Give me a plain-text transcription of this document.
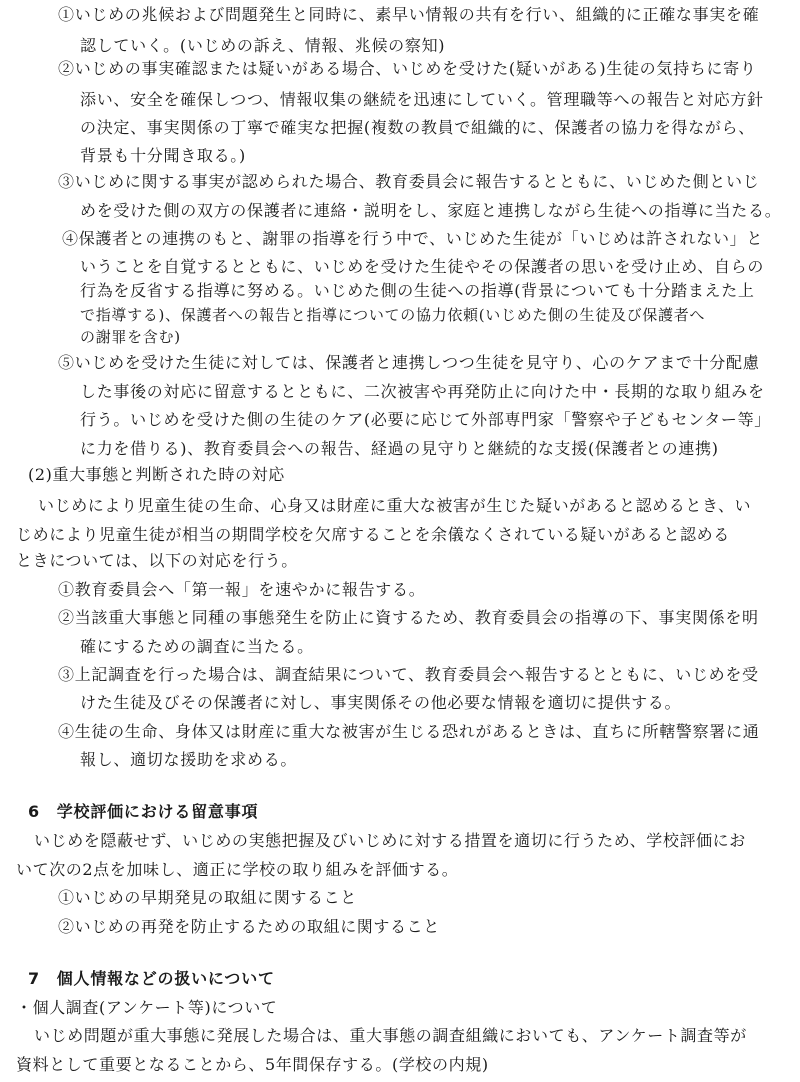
①いじめの兆候および問題発生と同時に、素早い情報の共有を行い、組織的に正確な事実を確
認していく。(いじめの訴え、情報、兆候の察知)
②いじめの事実確認または疑いがある場合、いじめを受けた(疑いがある)生徒の気持ちに寄り
添い、安全を確保しつつ、情報収集の継続を迅速にしていく。管理職等への報告と対応方針
の決定、事実関係の丁寧で確実な把握(複数の教員で組織的に、保護者の協力を得ながら、
背景も十分聞き取る。)
③いじめに関する事実が認められた場合、教育委員会に報告するとともに、いじめた側といじ
めを受けた側の双方の保護者に連絡・説明をし、家庭と連携しながら生徒への指導に当たる。
④保護者との連携のもと、謝罪の指導を行う中で、いじめた生徒が「いじめは許されない」と
いうことを自覚するとともに、いじめを受けた生徒やその保護者の思いを受け止め、自らの
行為を反省する指導に努める。いじめた側の生徒への指導(背景についても十分踏まえた上
で指導する)、保護者への報告と指導についての協力依頼(いじめた側の生徒及び保護者へ
の謝罪を含む)
⑤いじめを受けた生徒に対しては、保護者と連携しつつ生徒を見守り、心のケアまで十分配慮
した事後の対応に留意するとともに、二次被害や再発防止に向けた中・長期的な取り組みを
行う。いじめを受けた側の生徒のケア(必要に応じて外部専門家「警察や子どもセンター等」
に力を借りる)、教育委員会への報告、経過の見守りと継続的な支援(保護者との連携)
(2)重大事態と判断された時の対応
いじめにより児童生徒の生命、心身又は財産に重大な被害が生じた疑いがあると認めるとき、い
じめにより児童生徒が相当の期間学校を欠席することを余儀なくされている疑いがあると認める
ときについては、以下の対応を行う。
①教育委員会へ「第一報」を速やかに報告する。
②当該重大事態と同種の事態発生を防止に資するため、教育委員会の指導の下、事実関係を明
確にするための調査に当たる。
③上記調査を行った場合は、調査結果について、教育委員会へ報告するとともに、いじめを受
けた生徒及びその保護者に対し、事実関係その他必要な情報を適切に提供する。
④生徒の生命、身体又は財産に重大な被害が生じる恐れがあるときは、直ちに所轄警察署に通
報し、適切な援助を求める。
6　学校評価における留意事項
いじめを隠蔽せず、いじめの実態把握及びいじめに対する措置を適切に行うため、学校評価にお
いて次の2点を加味し、適正に学校の取り組みを評価する。
①いじめの早期発見の取組に関すること
②いじめの再発を防止するための取組に関すること
7　個人情報などの扱いについて
・個人調査(アンケート等)について
いじめ問題が重大事態に発展した場合は、重大事態の調査組織においても、アンケート調査等が
資料として重要となることから、5年間保存する。(学校の内規)
